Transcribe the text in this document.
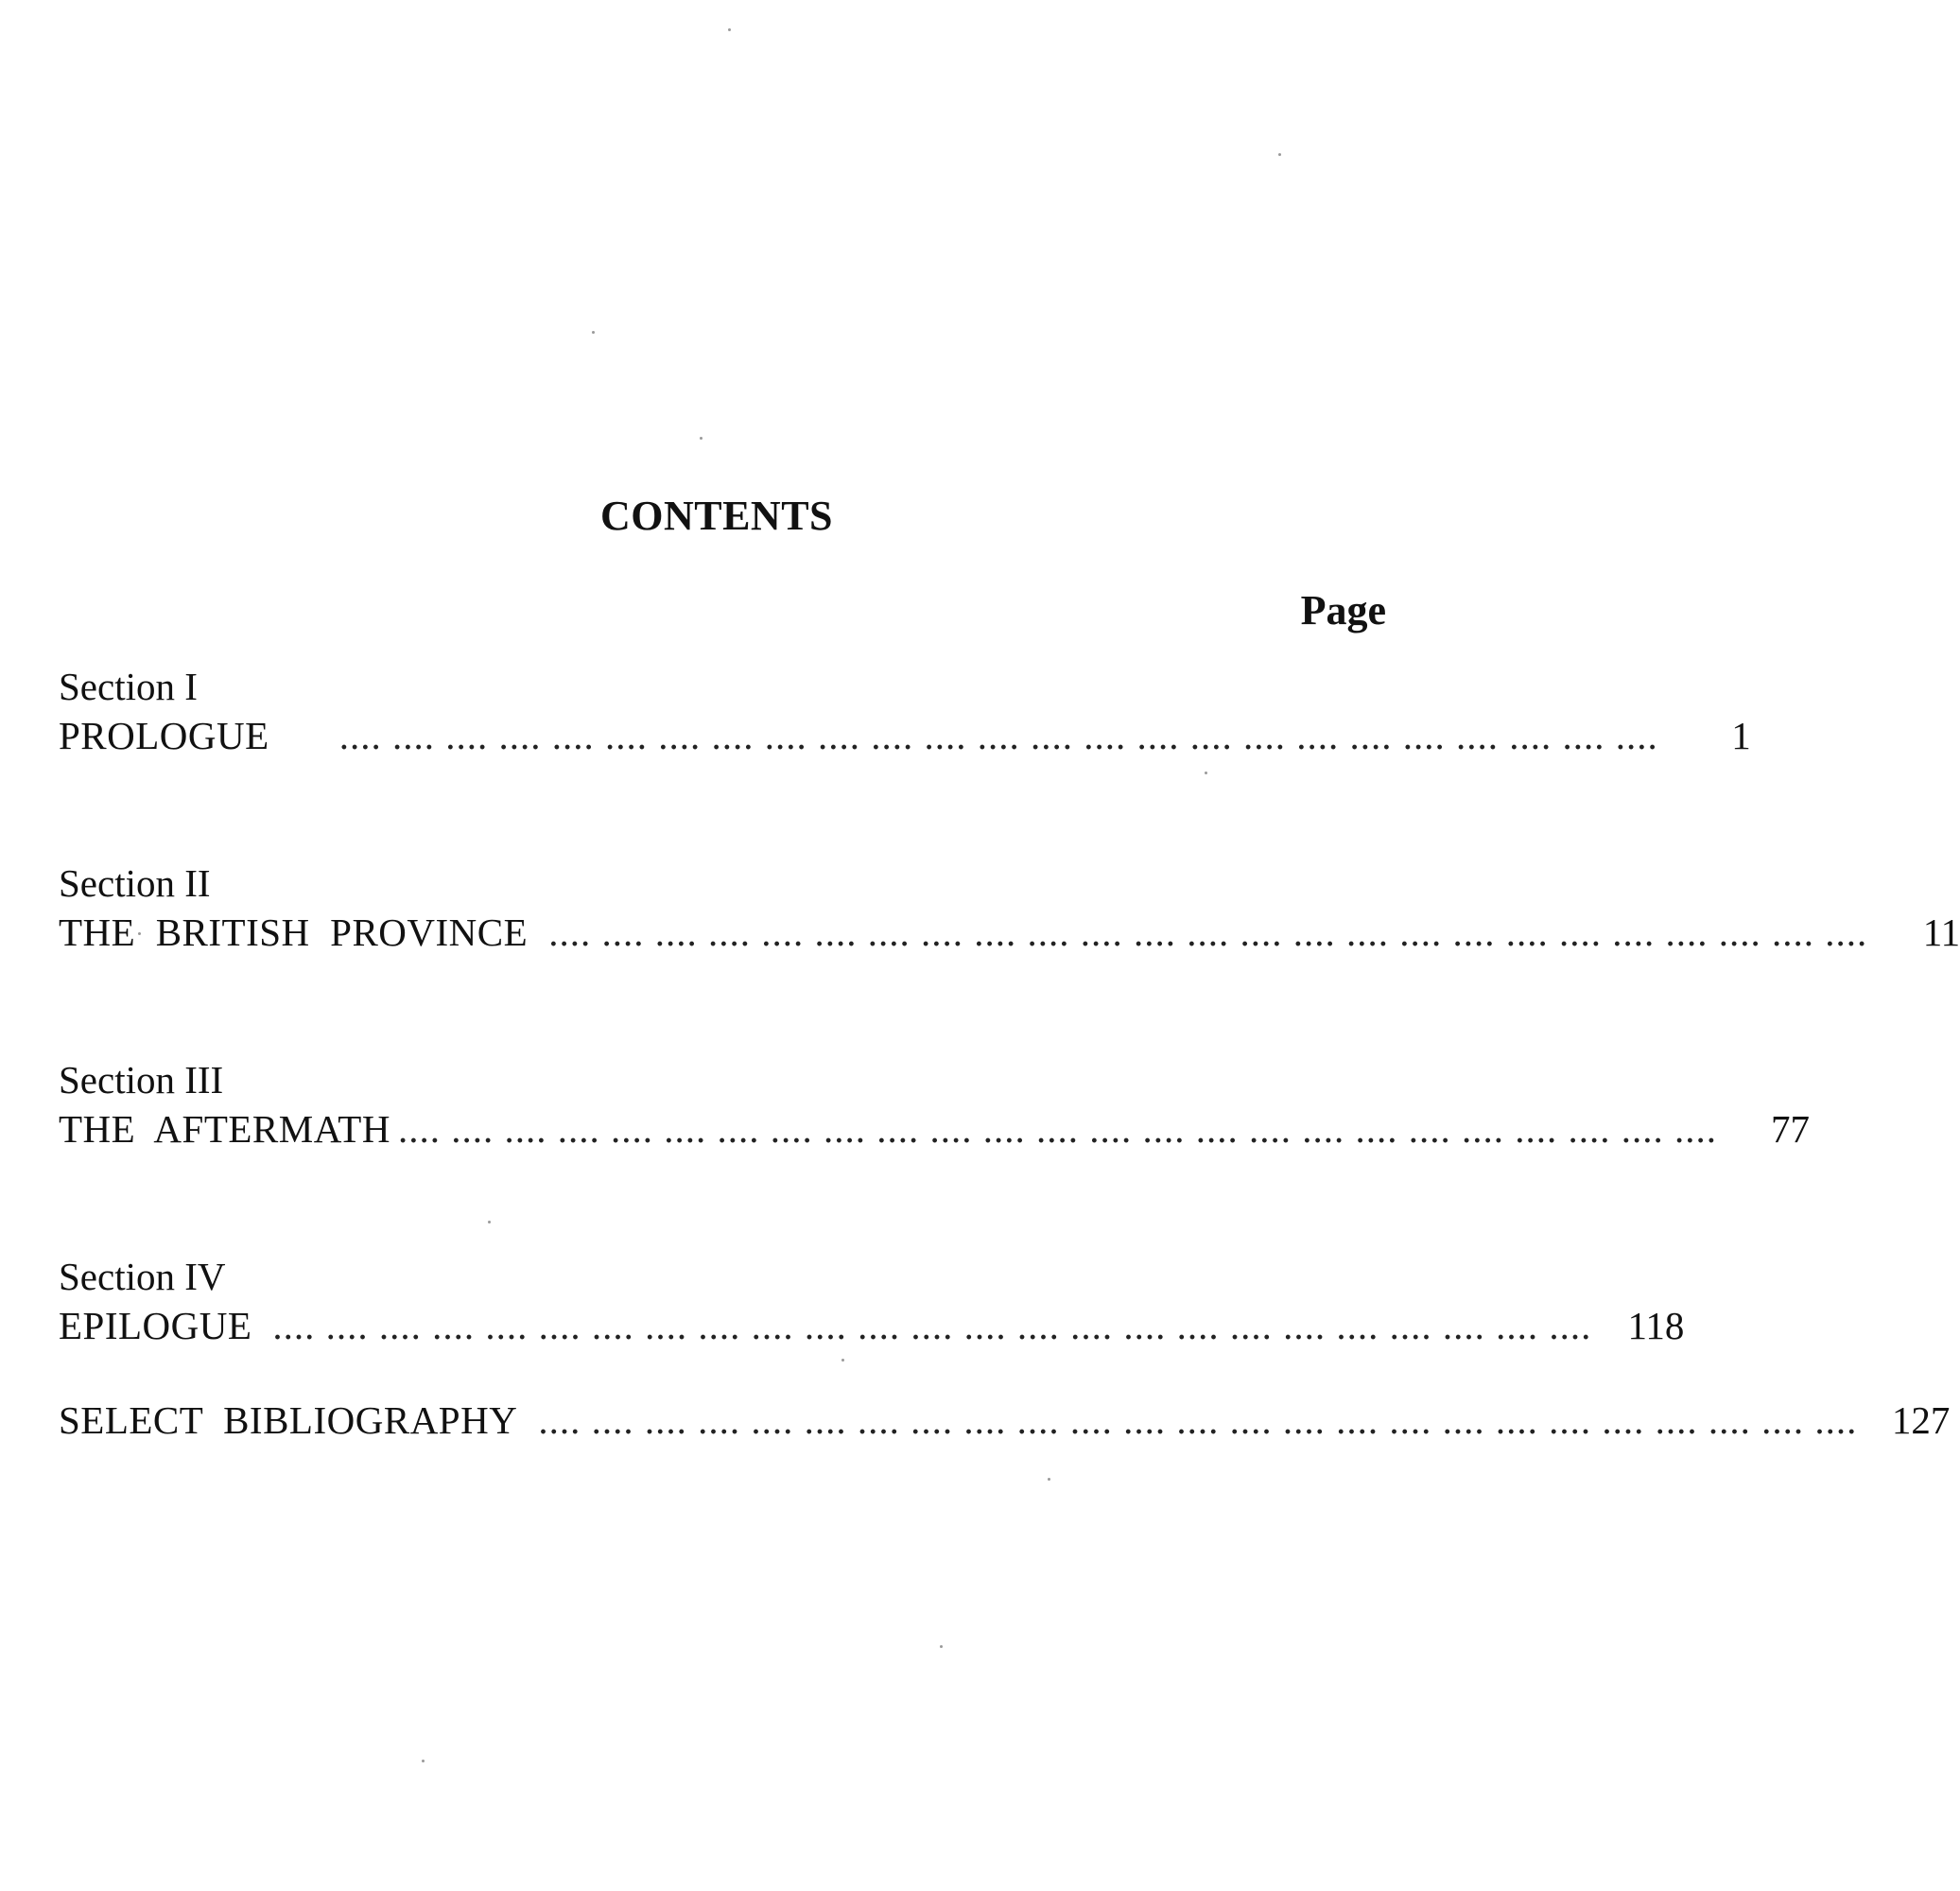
CONTENTS
Page
Section I
PROLOGUE .... .... .... .... .... .... .... .... .... .... .... .... .... .... .... .... .... .... .... .... .... .... .... .... ....	1
Section II
THE  BRITISH  PROVINCE .... .... .... .... .... .... .... .... .... .... .... .... .... .... .... .... .... .... .... .... .... .... .... .... ....	11
Section III
THE  AFTERMATH .... .... .... .... .... .... .... .... .... .... .... .... .... .... .... .... .... .... .... .... .... .... .... .... ....	77
Section IV
EPILOGUE .... .... .... .... .... .... .... .... .... .... .... .... .... .... .... .... .... .... .... .... .... .... .... .... .... 118
SELECT  BIBLIOGRAPHY .... .... .... .... .... .... .... .... .... .... .... .... .... .... .... .... .... .... .... .... .... .... .... .... .... 127
